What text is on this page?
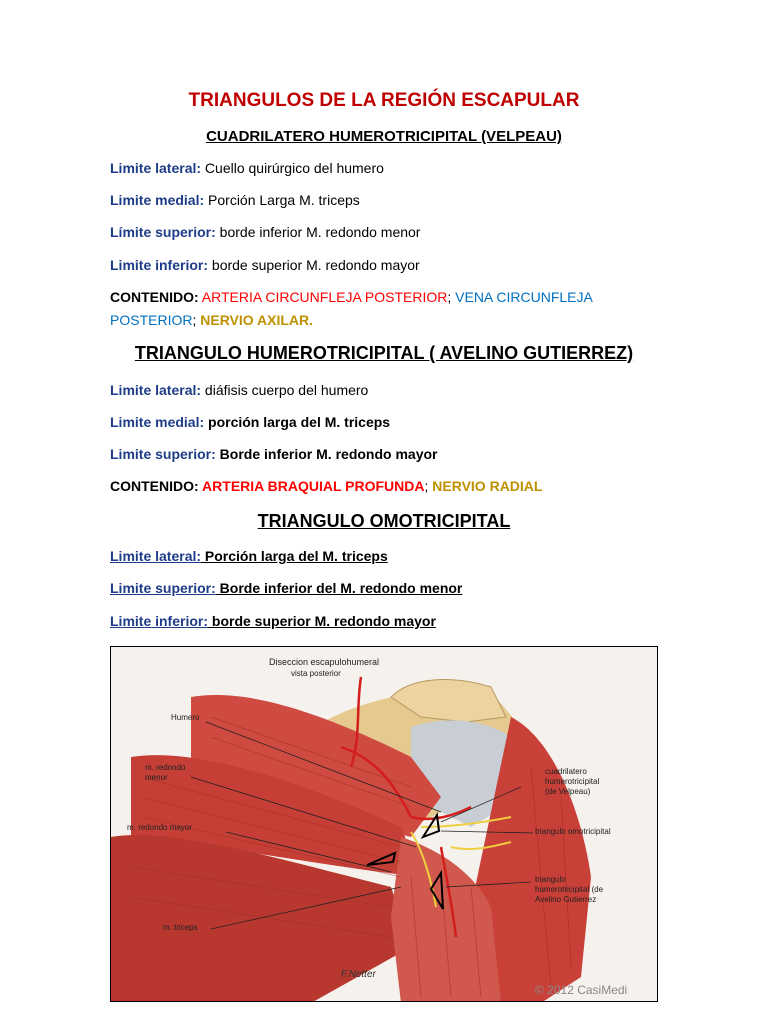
TRIANGULOS DE LA REGIÓN ESCAPULAR
CUADRILATERO HUMEROTRICIPITAL (VELPEAU)
Limite lateral: Cuello quirúrgico del humero
Limite medial: Porción Larga M. triceps
Límite superior: borde inferior M. redondo menor
Limite inferior: borde superior M. redondo mayor
CONTENIDO: ARTERIA CIRCUNFLEJA POSTERIOR; VENA CIRCUNFLEJA
POSTERIOR; NERVIO AXILAR.
TRIANGULO HUMEROTRICIPITAL ( AVELINO GUTIERREZ)
Limite lateral: diáfisis cuerpo del humero
Limite medial: porción larga del M. triceps
Limite superior: Borde inferior M. redondo mayor
CONTENIDO: ARTERIA BRAQUIAL PROFUNDA; NERVIO RADIAL
TRIANGULO OMOTRICIPITAL
Limite lateral: Porción larga del M. triceps
Limite superior: Borde inferior del M. redondo menor
Limite inferior: borde superior M. redondo mayor
Diseccion escapulohumeral
vista posterior
Humero
m. redondo
menor
m. redondo mayor
m. triceps
cuadrilatero
humerotricipital
(de Velpeau)
triangulo omotricipital
triangulo
humerotricipital (de
Avelino Gutierrez
F.Netter
© 2012 CasiMedi
